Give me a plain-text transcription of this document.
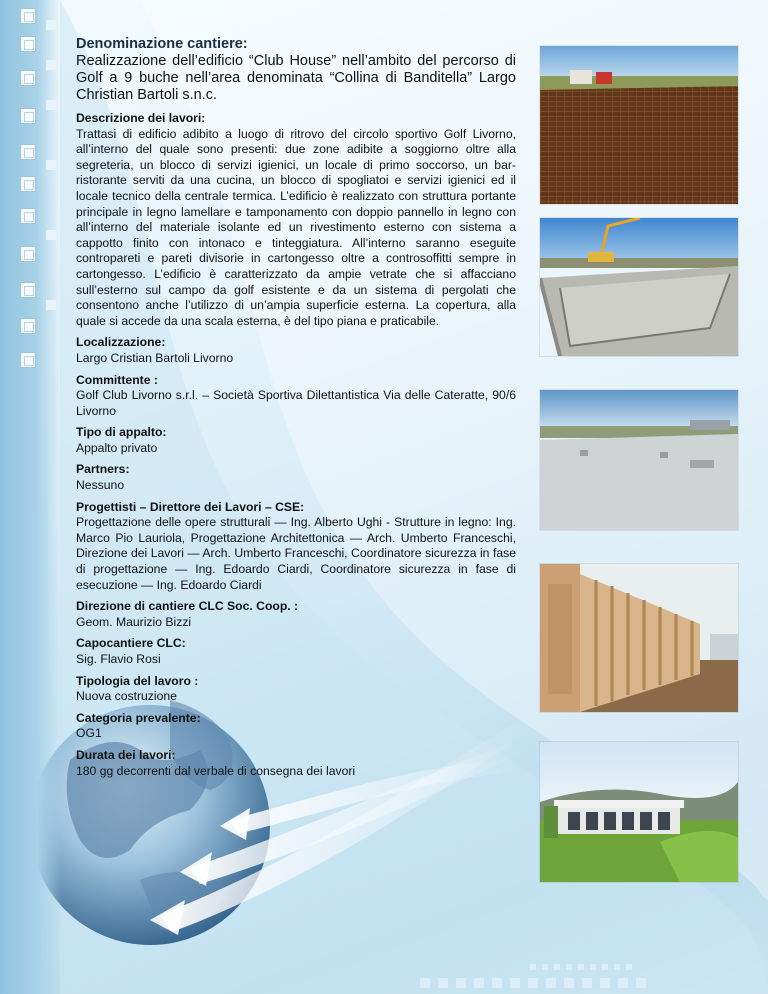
Denominazione cantiere:
Realizzazione dell’edificio “Club House” nell’ambito del percorso di Golf a 9 buche nell’area denominata “Collina di Banditella” Largo Christian Bartoli s.n.c.
Descrizione dei lavori:
Trattasi di edificio adibito a luogo di ritrovo del circolo sportivo Golf Livorno, all’interno del quale sono presenti: due zone adibite a soggiorno oltre alla segreteria, un blocco di servizi igienici, un locale di primo soccorso, un bar-ristorante serviti da una cucina, un blocco di spogliatoi e servizi igienici ed il locale tecnico della centrale termica. L’edificio è realizzato con struttura portante principale in legno lamellare e tamponamento con doppio pannello in legno con all’interno del materiale isolante ed un rivestimento esterno con sistema a cappotto finito con intonaco e tinteggiatura. All’interno saranno eseguite contropareti e pareti divisorie in cartongesso oltre a controsoffitti sempre in cartongesso. L’edificio è caratterizzato da ampie vetrate che si affacciano sull’esterno sul campo da golf esistente e da un sistema di pergolati che consentono anche l’utilizzo di un’ampia superficie esterna. La copertura, alla quale si accede da una scala esterna, è del tipo piana e praticabile.
Localizzazione:
Largo Cristian Bartoli Livorno
Committente :
Golf Club Livorno s.r.l. – Società Sportiva Dilettantistica Via delle Cateratte, 90/6 Livorno
Tipo di appalto:
Appalto privato
Partners:
Nessuno
Progettisti – Direttore dei Lavori – CSE:
Progettazione delle opere strutturali — Ing. Alberto Ughi - Strutture in legno: Ing. Marco Pio Lauriola, Progettazione Architettonica — Arch. Umberto Franceschi, Direzione dei Lavori — Arch. Umberto Franceschi, Coordinatore sicurezza in fase di progettazione — Ing. Edoardo Ciardi, Coordinatore sicurezza in fase di esecuzione — Ing. Edoardo Ciardi
Direzione di cantiere CLC Soc. Coop. :
Geom. Maurizio Bizzi
Capocantiere CLC:
Sig. Flavio Rosi
Tipologia del lavoro :
Nuova costruzione
Categoria prevalente:
OG1
Durata dei lavori:
180 gg decorrenti dal verbale di consegna dei lavori
